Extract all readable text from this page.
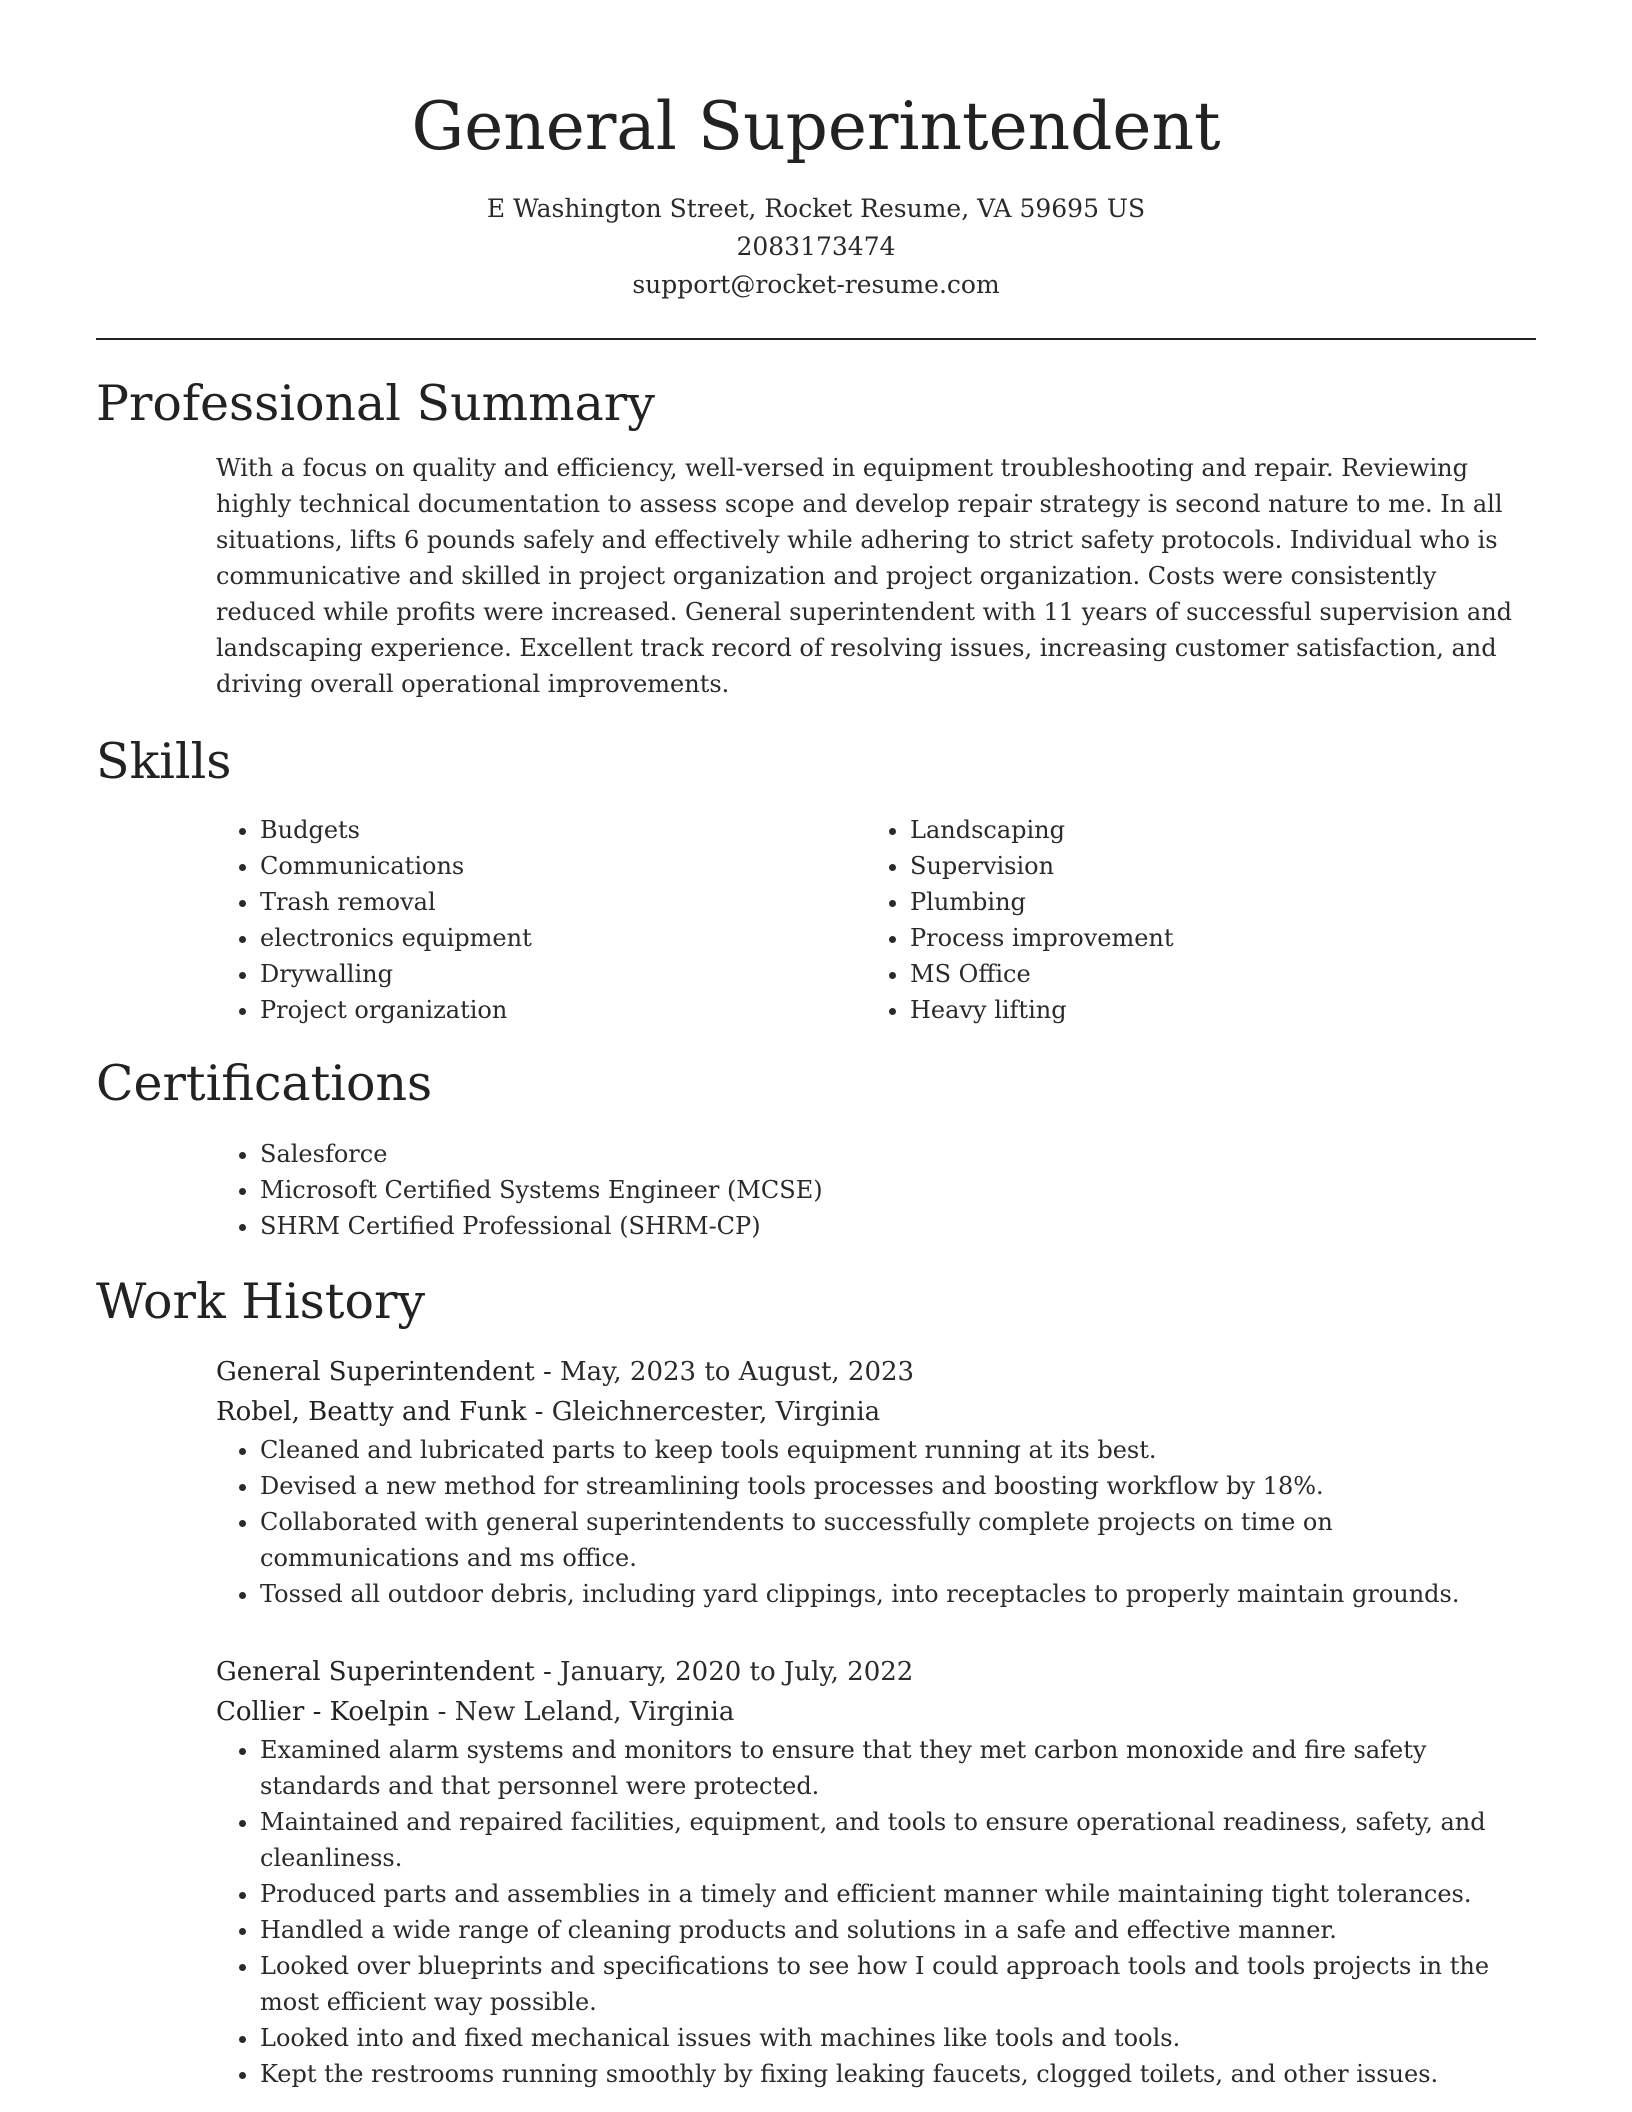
General Superintendent
E Washington Street, Rocket Resume, VA 59695 US
2083173474
support@rocket-resume.com
Professional Summary

With a focus on quality and efficiency, well-versed in equipment troubleshooting and repair. Reviewing highly technical documentation to assess scope and develop repair strategy is second nature to me. In all situations, lifts 6 pounds safely and effectively while adhering to strict safety protocols. Individual who is communicative and skilled in project organization and project organization. Costs were consistently reduced while profits were increased. General superintendent with 11 years of successful supervision and landscaping experience. Excellent track record of resolving issues, increasing customer satisfaction, and driving overall operational improvements.

Skills
• Budgets
• Communications
• Trash removal
• electronics equipment
• Drywalling
• Project organization
• Landscaping
• Supervision
• Plumbing
• Process improvement
• MS Office
• Heavy lifting
Certifications
• Salesforce
• Microsoft Certified Systems Engineer (MCSE)
• SHRM Certified Professional (SHRM-CP)
Work History
General Superintendent - May, 2023 to August, 2023
Robel, Beatty and Funk - Gleichnercester, Virginia
• Cleaned and lubricated parts to keep tools equipment running at its best.
• Devised a new method for streamlining tools processes and boosting workflow by 18%.
• Collaborated with general superintendents to successfully complete projects on time on communications and ms office.
• Tossed all outdoor debris, including yard clippings, into receptacles to properly maintain grounds.
General Superintendent - January, 2020 to July, 2022
Collier - Koelpin - New Leland, Virginia
• Examined alarm systems and monitors to ensure that they met carbon monoxide and fire safety standards and that personnel were protected.
• Maintained and repaired facilities, equipment, and tools to ensure operational readiness, safety, and cleanliness.
• Produced parts and assemblies in a timely and efficient manner while maintaining tight tolerances.
• Handled a wide range of cleaning products and solutions in a safe and effective manner.
• Looked over blueprints and specifications to see how I could approach tools and tools projects in the most efficient way possible.
• Looked into and fixed mechanical issues with machines like tools and tools.
• Kept the restrooms running smoothly by fixing leaking faucets, clogged toilets, and other issues.
